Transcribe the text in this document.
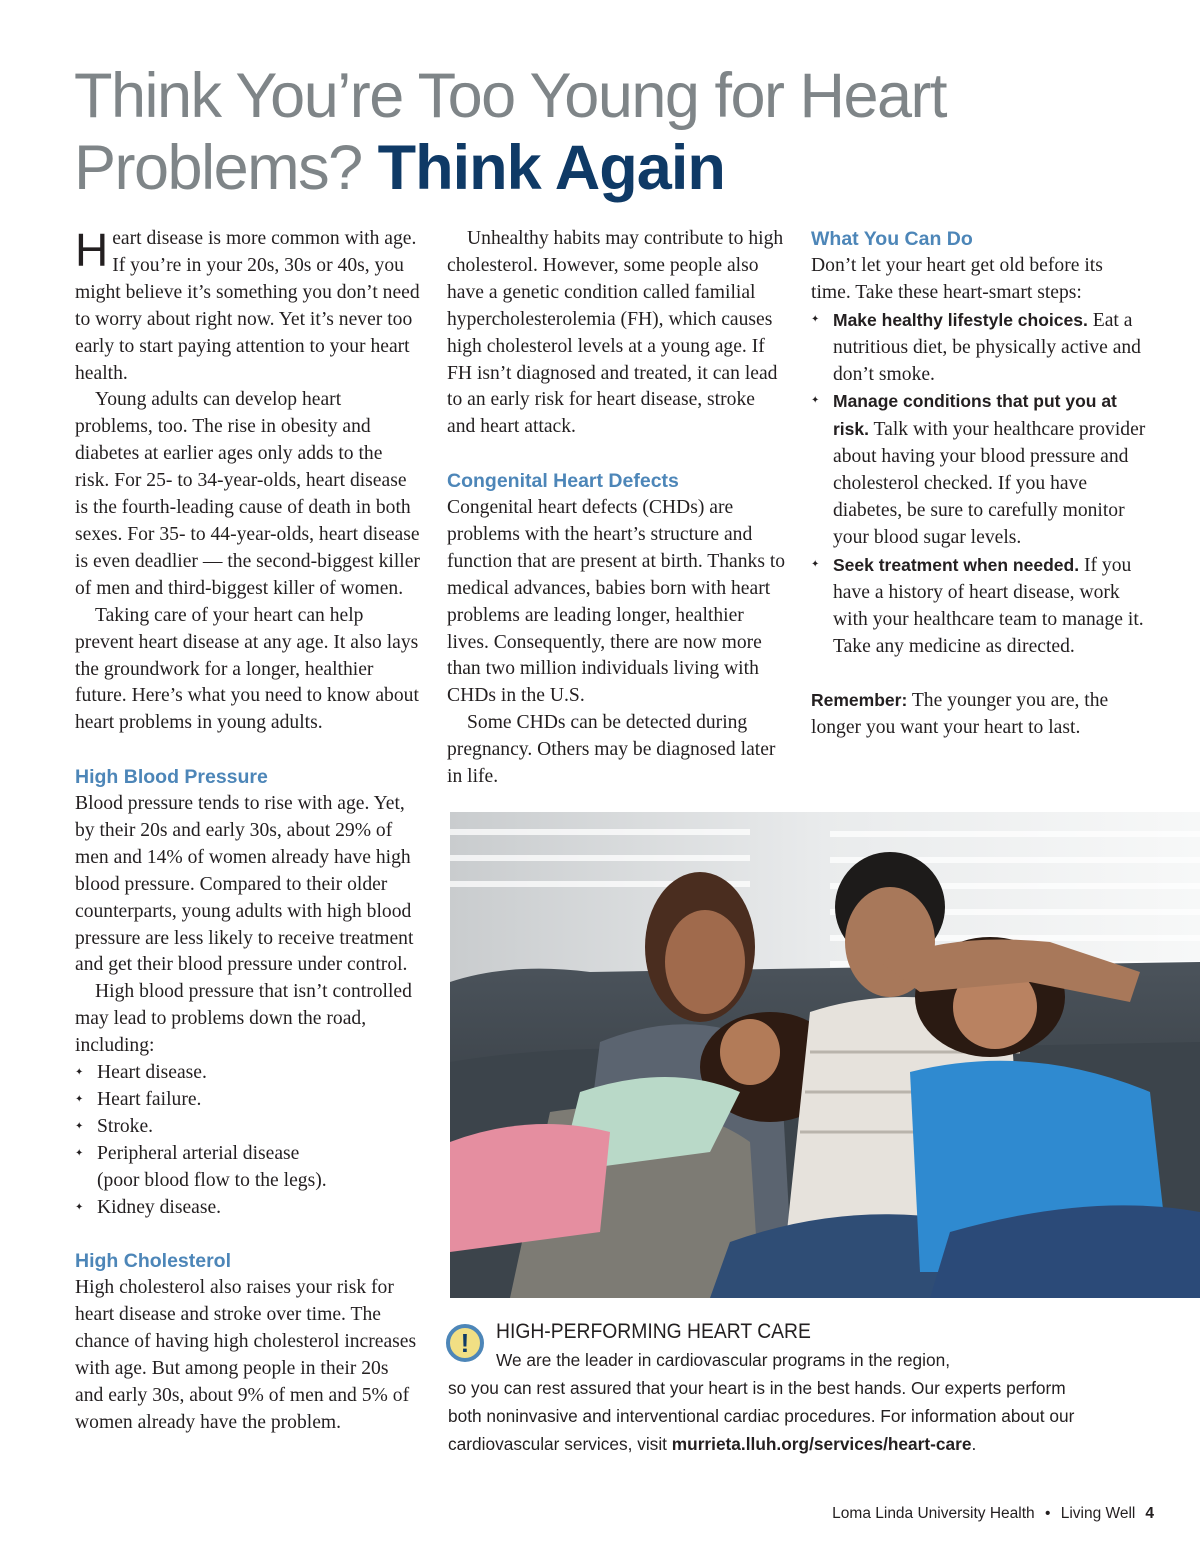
Think You’re Too Young for Heart Problems? Think Again

Heart disease is more common with age. If you’re in your 20s, 30s or 40s, you might believe it’s something you don’t need to worry about right now. Yet it’s never too early to start paying attention to your heart health.

Young adults can develop heart problems, too. The rise in obesity and diabetes at earlier ages only adds to the risk. For 25- to 34-year-olds, heart disease is the fourth-leading cause of death in both sexes. For 35- to 44-year-olds, heart disease is even deadlier — the second-biggest killer of men and third-biggest killer of women.

Taking care of your heart can help prevent heart disease at any age. It also lays the groundwork for a longer, healthier future. Here’s what you need to know about heart problems in young adults.

High Blood Pressure

Blood pressure tends to rise with age. Yet, by their 20s and early 30s, about 29% of men and 14% of women already have high blood pressure. Compared to their older counterparts, young adults with high blood pressure are less likely to receive treatment and get their blood pressure under control.

High blood pressure that isn’t controlled may lead to problems down the road, including:

✦ Heart disease.
✦ Heart failure.
✦ Stroke.
✦ Peripheral arterial disease (poor blood flow to the legs).
✦ Kidney disease.

High Cholesterol

High cholesterol also raises your risk for heart disease and stroke over time. The chance of having high cholesterol increases with age. But among people in their 20s and early 30s, about 9% of men and 5% of women already have the problem.

Unhealthy habits may contribute to high cholesterol. However, some people also have a genetic condition called familial hypercholesterolemia (FH), which causes high cholesterol levels at a young age. If FH isn’t diagnosed and treated, it can lead to an early risk for heart disease, stroke and heart attack.

Congenital Heart Defects

Congenital heart defects (CHDs) are problems with the heart’s structure and function that are present at birth. Thanks to medical advances, babies born with heart problems are leading longer, healthier lives. Consequently, there are now more than two million individuals living with CHDs in the U.S.

Some CHDs can be detected during pregnancy. Others may be diagnosed later in life.

What You Can Do

Don’t let your heart get old before its time. Take these heart-smart steps:

✦ Make healthy lifestyle choices. Eat a nutritious diet, be physically active and don’t smoke.
✦ Manage conditions that put you at risk. Talk with your healthcare provider about having your blood pressure and cholesterol checked. If you have diabetes, be sure to carefully monitor your blood sugar levels.
✦ Seek treatment when needed. If you have a history of heart disease, work with your healthcare team to manage it. Take any medicine as directed.

Remember: The younger you are, the longer you want your heart to last.

!	HIGH-PERFORMING HEART CARE
We are the leader in cardiovascular programs in the region,
so you can rest assured that your heart is in the best hands. Our experts perform both noninvasive and interventional cardiac procedures. For information about our cardiovascular services, visit murrieta.lluh.org/services/heart-care.
Loma Linda University Health • Living Well 4
